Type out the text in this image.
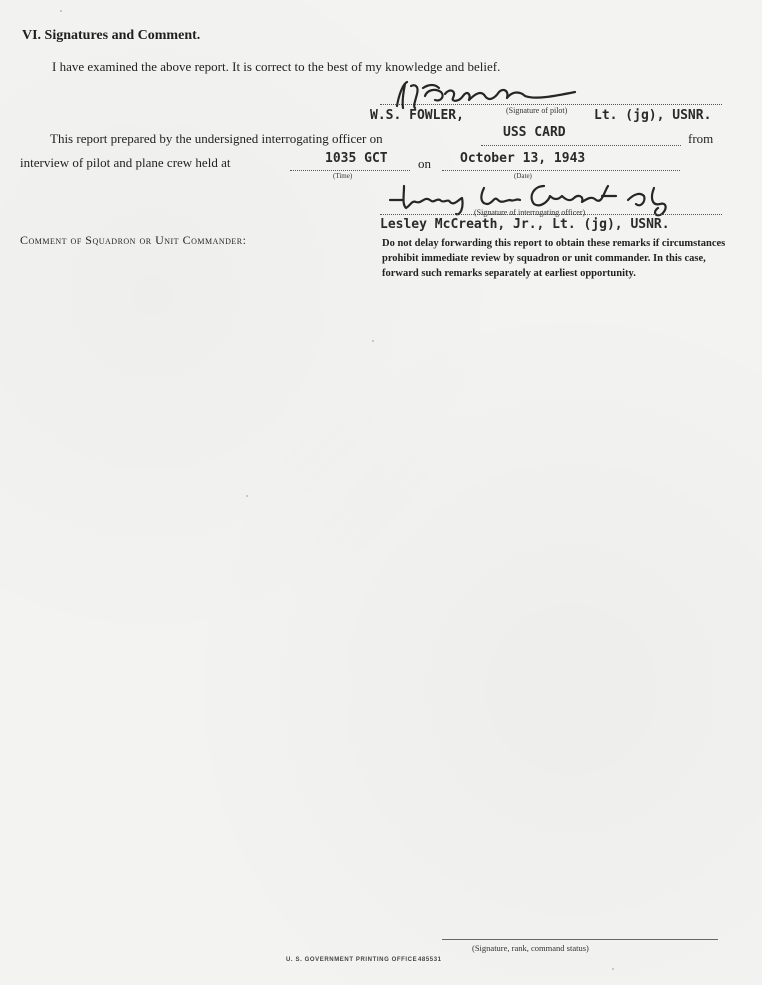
VI. Signatures and Comment.
I have examined the above report. It is correct to the best of my knowledge and belief.
W.S. FOWLER,	(Signature of pilot) Lt. (jg), USNR.
This report prepared by the undersigned interrogating officer on	USS CARD	from
interview of pilot and plane crew held at	1035 GCT
(Time)
on October 13, 1943
(Date)
(Signature of interrogating officer)
Lesley McCreath, Jr., Lt. (jg), USNR.
Comment of Squadron or Unit Commander:	Do not delay forwarding this report to obtain these remarks if circumstances prohibit immediate review by squadron or unit commander. In this case, forward such remarks separately at earliest opportunity.
(Signature, rank, command status)
U. S. GOVERNMENT PRINTING OFFICE 485531
